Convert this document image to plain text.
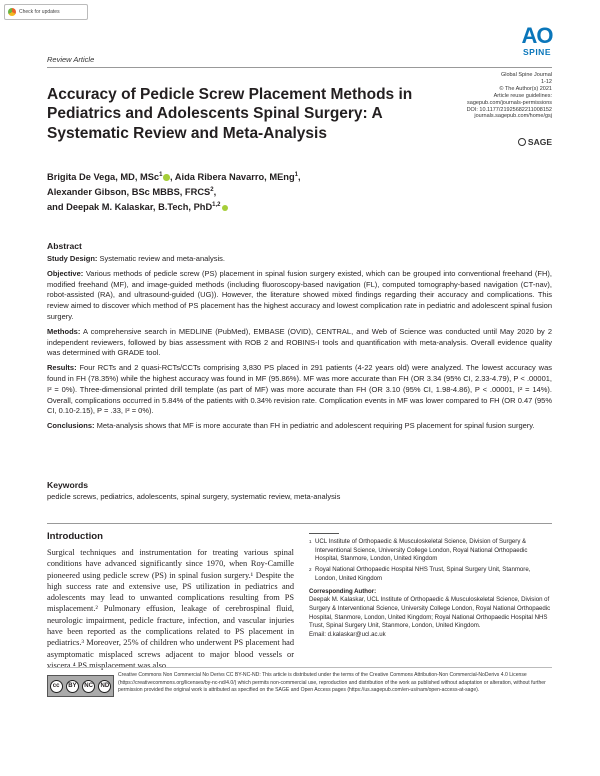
Check for updates
AO
SPINE
Review Article
Global Spine Journal
1-12
© The Author(s) 2021
Article reuse guidelines:
sagepub.com/journals-permissions
DOI: 10.1177/21925682211008152
journals.sagepub.com/home/gsj
SAGE
Accuracy of Pedicle Screw Placement Methods in Pediatrics and Adolescents Spinal Surgery: A Systematic Review and Meta-Analysis
Brigita De Vega, MD, MSc$^1$ , Aida Ribera Navarro, MEng$^1$,
Alexander Gibson, BSc MBBS, FRCS$^2$,
and Deepak M. Kalaskar, B.Tech, PhD$^{1,2}$
Abstract
Study Design: Systematic review and meta-analysis.
Objective: Various methods of pedicle screw (PS) placement in spinal fusion surgery existed, which can be grouped into conventional freehand (FH), modified freehand (MF), and image-guided methods (including fluoroscopy-based navigation (FL), computed tomography-based navigation (CT-nav), robot-assisted (RA), and ultrasound-guided (UG)). However, the literature showed mixed findings regarding their accuracy and complications. This review aimed to discover which method of PS placement has the highest accuracy and lowest complication rate in pediatric and adolescent spinal fusion surgery.
Methods: A comprehensive search in MEDLINE (PubMed), EMBASE (OVID), CENTRAL, and Web of Science was conducted until May 2020 by 2 independent reviewers, followed by bias assessment with ROB 2 and ROBINS-I tools and quantification with meta-analysis. Overall evidence quality was determined with GRADE tool.
Results: Four RCTs and 2 quasi-RCTs/CCTs comprising 3,830 PS placed in 291 patients (4-22 years old) were analyzed. The lowest accuracy was found in FH (78.35%) while the highest accuracy was found in MF (95.86%). MF was more accurate than FH (OR 3.34 (95% CI, 2.33-4.79), P < .00001, I² = 0%). Three-dimensional printed drill template (as part of MF) was more accurate than FH (OR 3.10 (95% CI, 1.98-4.86), P < .00001, I² = 14%). Overall, complications occurred in 5.84% of the patients with 0.34% revision rate. Complication events in MF was lower compared to FH (OR 0.47 (95% CI, 0.10-2.15), P = .33, I² = 0%).
Conclusions: Meta-analysis shows that MF is more accurate than FH in pediatric and adolescent requiring PS placement for spinal fusion surgery.
Keywords
pedicle screws, pediatrics, adolescents, spinal surgery, systematic review, meta-analysis
Introduction
Surgical techniques and instrumentation for treating various spinal conditions have advanced significantly since 1970, when Roy-Camille pioneered using pedicle screw (PS) in spinal fusion surgery.¹ Despite the high success rate and extensive use, PS utilization in pediatrics and adolescents may lead to unwanted complications resulting from PS misplacement.² Pulmonary effusion, leakage of cerebrospinal fluid, neurologic impairment, pedicle fracture, infection, and vascular injuries have been reported as the complications related to PS placement in pediatrics.³ Moreover, 25% of children who underwent PS placement had asymptomatic misplaced screws adjacent to major blood vessels or viscera.⁴ PS misplacement was also
1 UCL Institute of Orthopaedic & Musculoskeletal Science, Division of Surgery & Interventional Science, University College London, Royal National Orthopaedic Hospital, Stanmore, London, United Kingdom
2 Royal National Orthopaedic Hospital NHS Trust, Spinal Surgery Unit, Stanmore, London, United Kingdom
Corresponding Author:
Deepak M. Kalaskar, UCL Institute of Orthopaedic & Musculoskeletal Science, Division of Surgery & Interventional Science, University College London, Royal National Orthopaedic Hospital, Stanmore, London, United Kingdom; Royal National Orthopaedic Hospital NHS Trust, Spinal Surgery Unit, Stanmore, London, United Kingdom.
Email: d.kalaskar@ucl.ac.uk
cc	BY	NC	ND
Creative Commons Non Commercial No Derivs CC BY-NC-ND: This article is distributed under the terms of the Creative Commons Attribution-Non Commercial-NoDerivs 4.0 License (https://creativecommons.org/licenses/by-nc-nd/4.0/) which permits non-commercial use, reproduction and distribution of the work as published without adaptation or alteration, without further permission provided the original work is attributed as specified on the SAGE and Open Access pages (https://us.sagepub.com/en-us/nam/open-access-at-sage).
